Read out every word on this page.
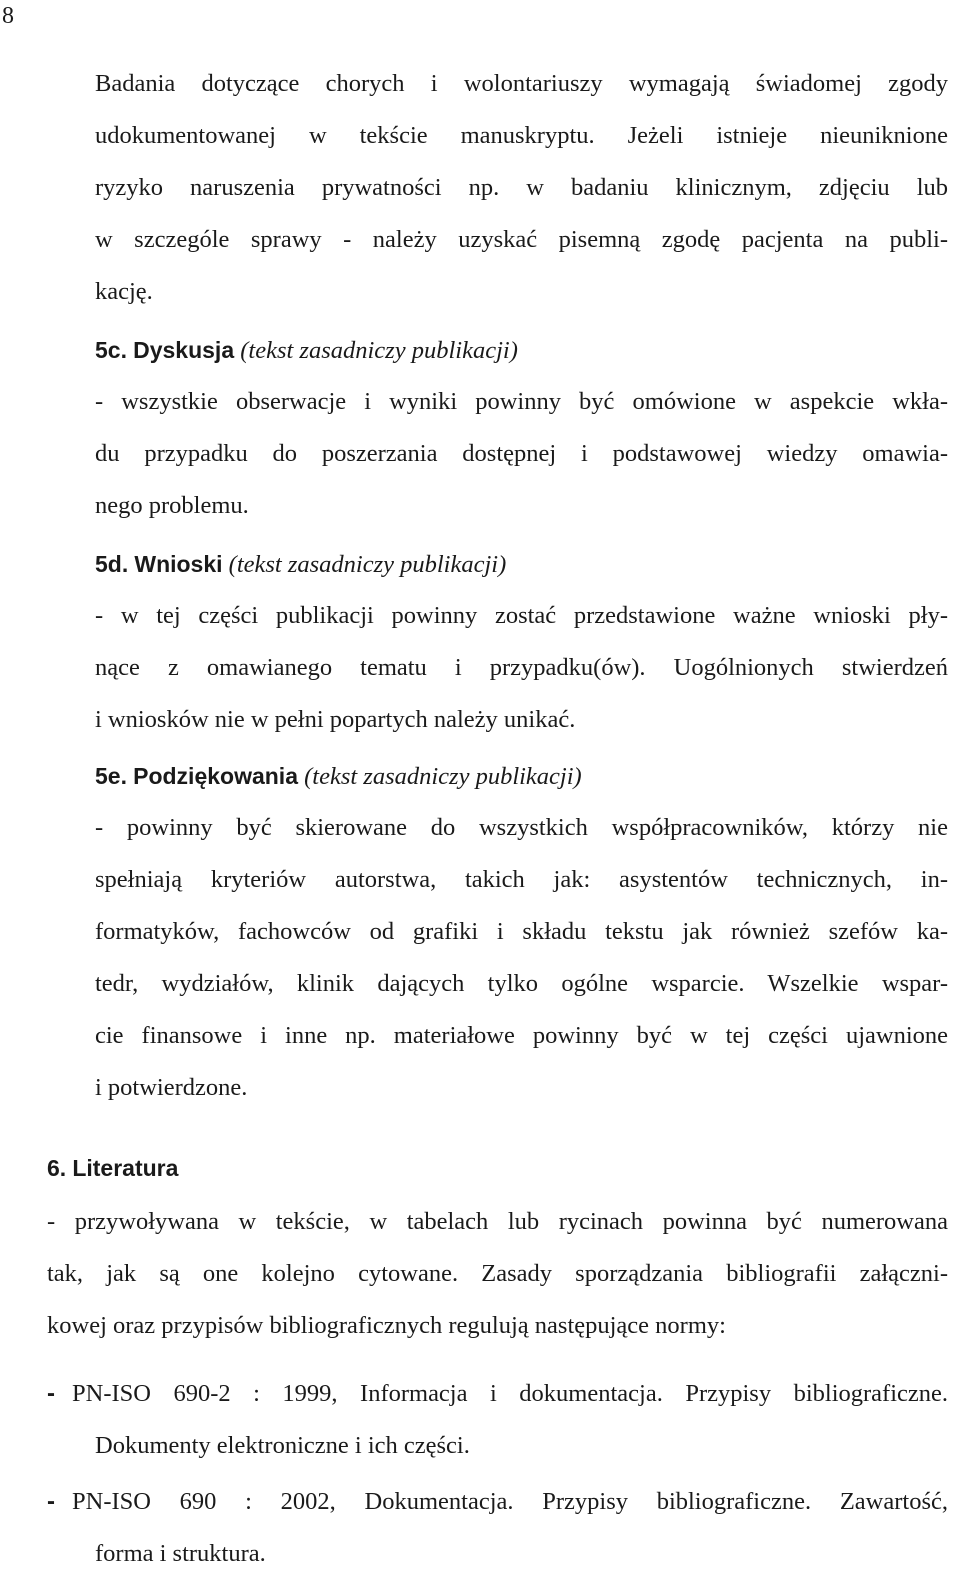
8
Badania dotyczące chorych i wolontariuszy wymagają świadomej zgody
udokumentowanej w tekście manuskryptu. Jeżeli istnieje nieuniknione
ryzyko naruszenia prywatności np. w badaniu klinicznym, zdjęciu lub
w szczególe sprawy - należy uzyskać pisemną zgodę pacjenta na publi-
kację.
5c. Dyskusja (tekst zasadniczy publikacji)
- wszystkie obserwacje i wyniki powinny być omówione w aspekcie wkła-
du przypadku do poszerzania dostępnej i podstawowej wiedzy omawia-
nego problemu.
5d. Wnioski (tekst zasadniczy publikacji)
- w tej części publikacji powinny zostać przedstawione ważne wnioski pły-
nące z omawianego tematu i przypadku(ów). Uogólnionych stwierdzeń
i wniosków nie w pełni popartych należy unikać.
5e. Podziękowania (tekst zasadniczy publikacji)
- powinny być skierowane do wszystkich współpracowników, którzy nie
spełniają kryteriów autorstwa, takich jak: asystentów technicznych, in-
formatyków, fachowców od grafiki i składu tekstu jak również szefów ka-
tedr, wydziałów, klinik dających tylko ogólne wsparcie. Wszelkie wspar-
cie finansowe i inne np. materiałowe powinny być w tej części ujawnione
i potwierdzone.
6. Literatura
- przywoływana w tekście, w tabelach lub rycinach powinna być numerowana
tak, jak są one kolejno cytowane. Zasady sporządzania bibliografii załączni-
kowej oraz przypisów bibliograficznych regulują następujące normy:
- PN-ISO 690-2 : 1999, Informacja i dokumentacja. Przypisy bibliograficzne.
Dokumenty elektroniczne i ich części.
- PN-ISO 690 : 2002, Dokumentacja. Przypisy bibliograficzne. Zawartość,
forma i struktura.
